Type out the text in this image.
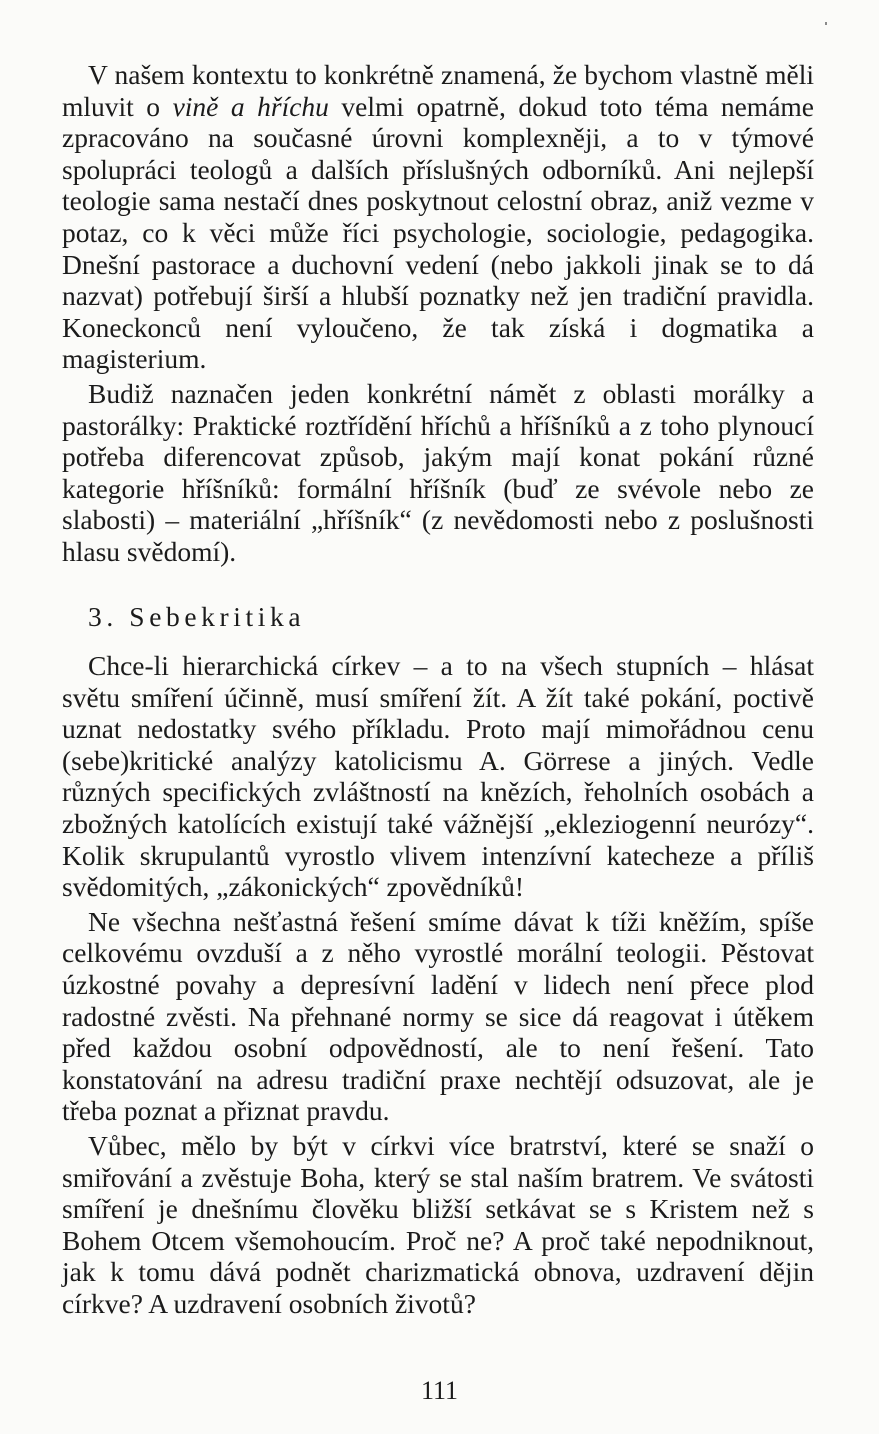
V našem kontextu to konkrétně znamená, že bychom vlastně měli mluvit o vině a hříchu velmi opatrně, dokud toto téma nemáme zpracováno na současné úrovni komplexněji, a to v týmové spolupráci teologů a dalších příslušných odborníků. Ani nejlepší teologie sama nestačí dnes poskytnout celostní obraz, aniž vezme v potaz, co k věci může říci psychologie, sociologie, pedagogika. Dnešní pastorace a duchovní vedení (nebo jakkoli jinak se to dá nazvat) potřebují širší a hlubší poznatky než jen tradiční pravidla. Koneckonců není vyloučeno, že tak získá i dogmatika a magisterium.

Budiž naznačen jeden konkrétní námět z oblasti morálky a pastorálky: Praktické roztřídění hříchů a hříšníků a z toho plynoucí potřeba diferencovat způsob, jakým mají konat pokání různé kategorie hříšníků: formální hříšník (buď ze svévole nebo ze slabosti) – materiální „hříšník“ (z nevědomosti nebo z poslušnosti hlasu svědomí).

3. Sebekritika

Chce-li hierarchická církev – a to na všech stupních – hlásat světu smíření účinně, musí smíření žít. A žít také pokání, poctivě uznat nedostatky svého příkladu. Proto mají mimořádnou cenu (sebe)kritické analýzy katolicismu A. Görrese a jiných. Vedle různých specifických zvláštností na knězích, řeholních osobách a zbožných katolících existují také vážnější „ekleziogenní neurózy“. Kolik skrupulantů vyrostlo vlivem intenzívní katecheze a příliš svědomitých, „zákonických“ zpovědníků!

Ne všechna nešťastná řešení smíme dávat k tíži kněžím, spíše celkovému ovzduší a z něho vyrostlé morální teologii. Pěstovat úzkostné povahy a depresívní ladění v lidech není přece plod radostné zvěsti. Na přehnané normy se sice dá reagovat i útěkem před každou osobní odpovědností, ale to není řešení. Tato konstatování na adresu tradiční praxe nechtějí odsuzovat, ale je třeba poznat a přiznat pravdu.

Vůbec, mělo by být v církvi více bratrství, které se snaží o smiřování a zvěstuje Boha, který se stal naším bratrem. Ve svátosti smíření je dnešnímu člověku bližší setkávat se s Kristem než s Bohem Otcem všemohoucím. Proč ne? A proč také nepodniknout, jak k tomu dává podnět charizmatická obnova, uzdravení dějin církve? A uzdravení osobních životů?

111
